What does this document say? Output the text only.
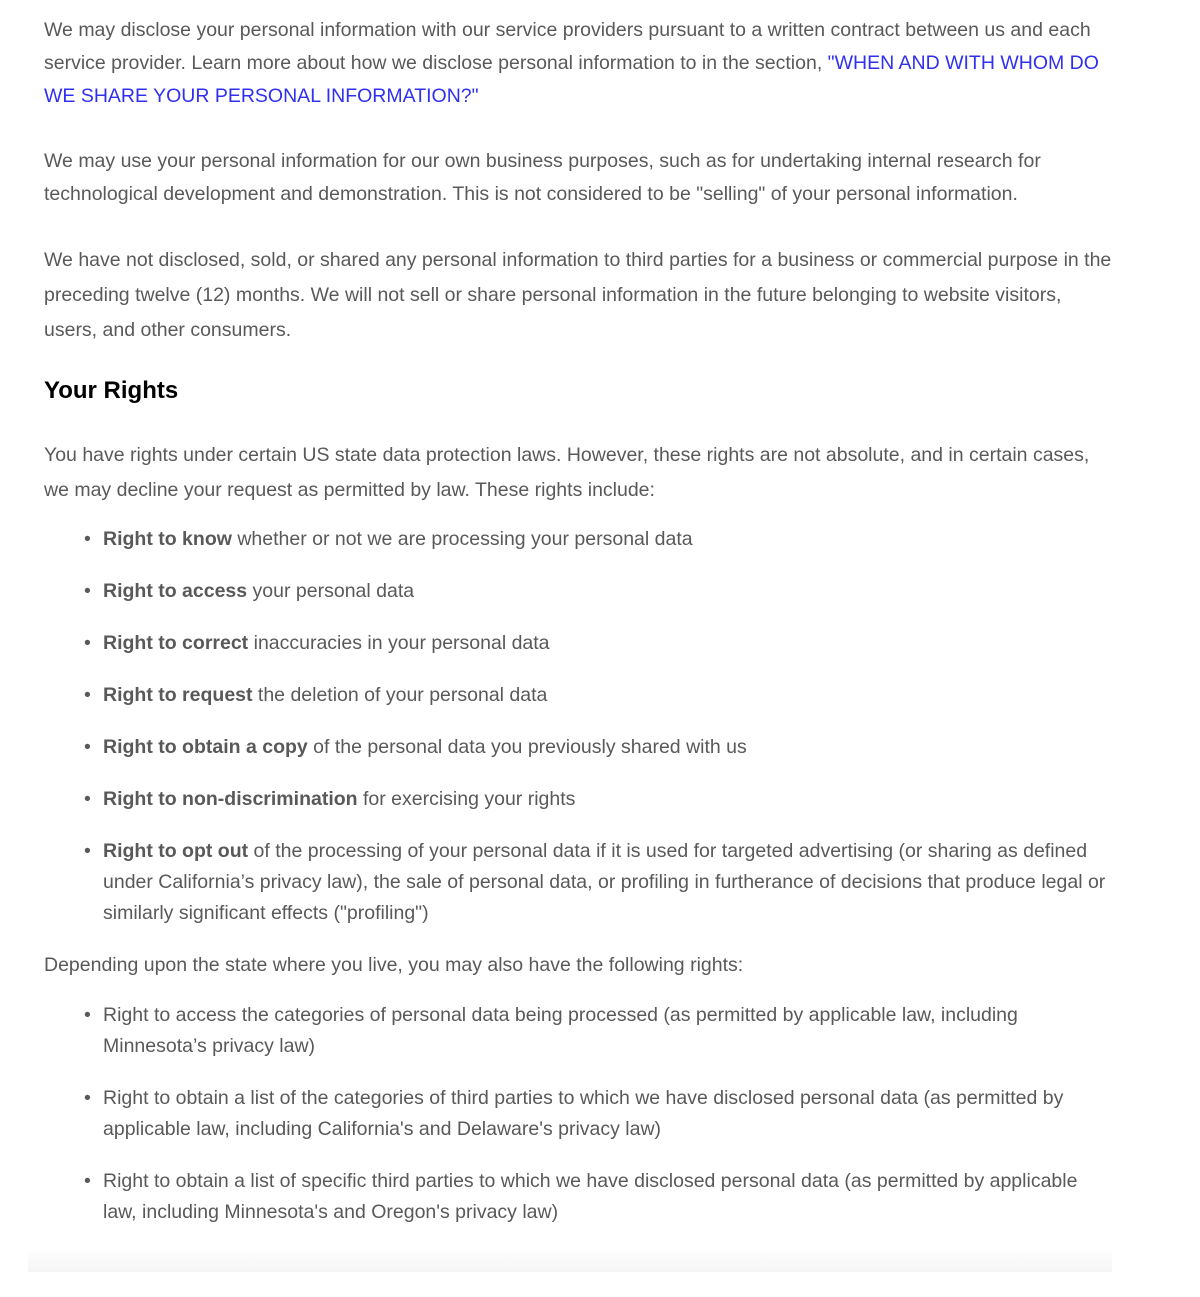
We may disclose your personal information with our service providers pursuant to a written contract between us and each service provider. Learn more about how we disclose personal information to in the section, "WHEN AND WITH WHOM DO WE SHARE YOUR PERSONAL INFORMATION?"

We may use your personal information for our own business purposes, such as for undertaking internal research for technological development and demonstration. This is not considered to be "selling" of your personal information.

We have not disclosed, sold, or shared any personal information to third parties for a business or commercial purpose in the preceding twelve (12) months. We will not sell or share personal information in the future belonging to website visitors, users, and other consumers.

Your Rights

You have rights under certain US state data protection laws. However, these rights are not absolute, and in certain cases, we may decline your request as permitted by law. These rights include:

• Right to know whether or not we are processing your personal data
• Right to access your personal data
• Right to correct inaccuracies in your personal data
• Right to request the deletion of your personal data
• Right to obtain a copy of the personal data you previously shared with us
• Right to non-discrimination for exercising your rights
• Right to opt out of the processing of your personal data if it is used for targeted advertising (or sharing as defined under California’s privacy law), the sale of personal data, or profiling in furtherance of decisions that produce legal or similarly significant effects ("profiling")

Depending upon the state where you live, you may also have the following rights:

• Right to access the categories of personal data being processed (as permitted by applicable law, including Minnesota’s privacy law)
• Right to obtain a list of the categories of third parties to which we have disclosed personal data (as permitted by applicable law, including California's and Delaware's privacy law)
• Right to obtain a list of specific third parties to which we have disclosed personal data (as permitted by applicable law, including Minnesota's and Oregon's privacy law)
